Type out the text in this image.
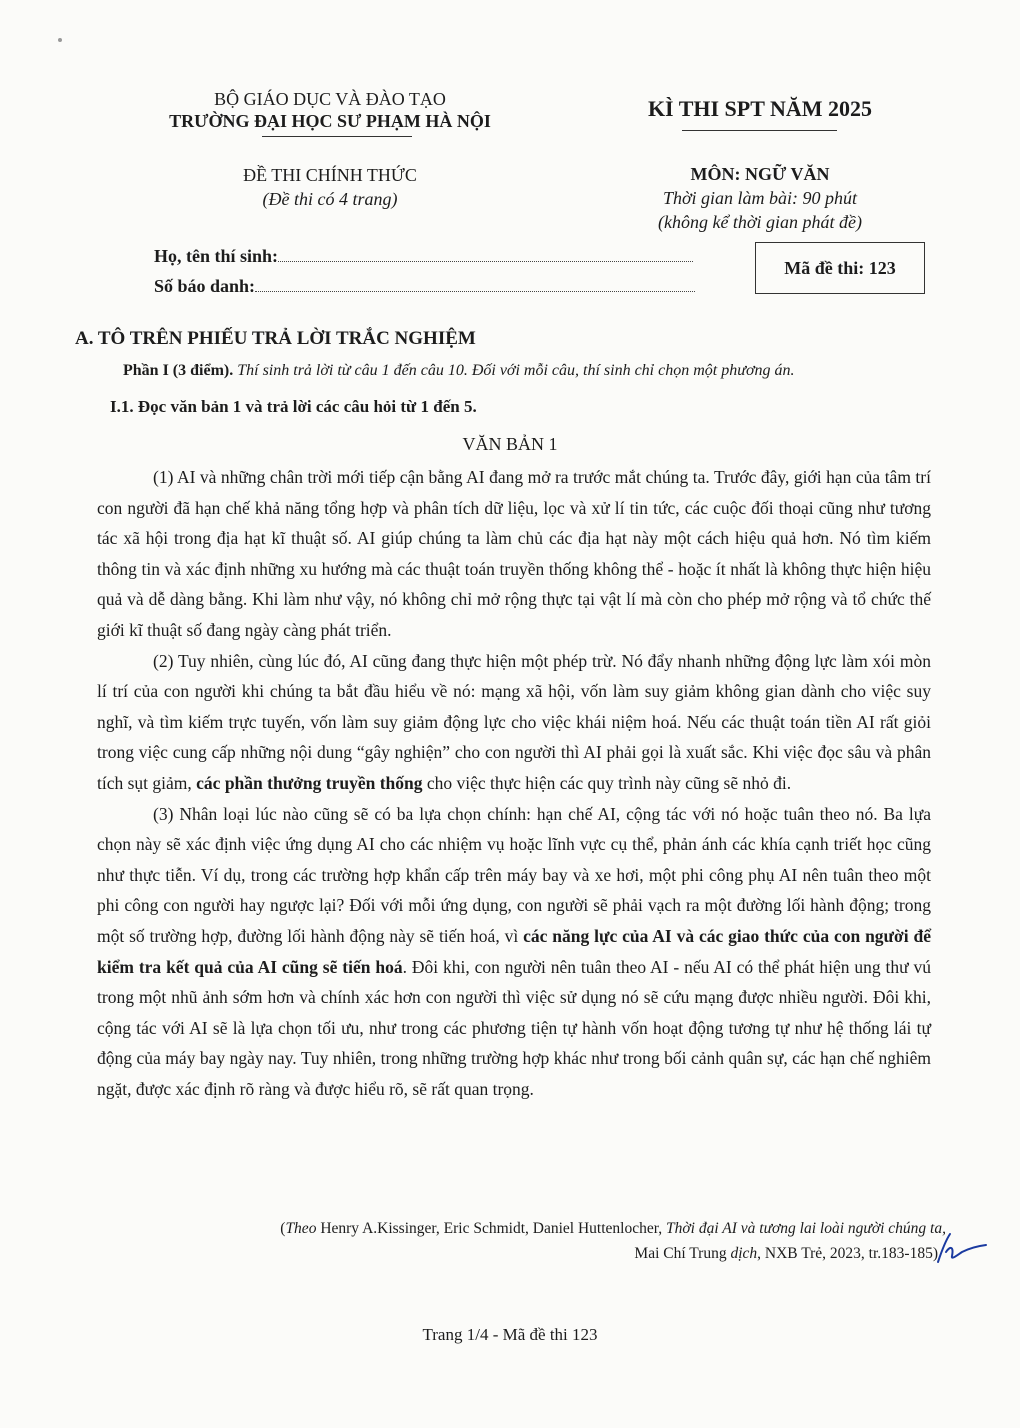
BỘ GIÁO DỤC VÀ ĐÀO TẠO
TRƯỜNG ĐẠI HỌC SƯ PHẠM HÀ NỘI	KÌ THI SPT NĂM 2025
ĐỀ THI CHÍNH THỨC
(Đề thi có 4 trang)
MÔN: NGỮ VĂN
Thời gian làm bài: 90 phút
(không kể thời gian phát đề)
Họ, tên thí sinh:
Số báo danh:
Mã đề thi: 123
A. TÔ TRÊN PHIẾU TRẢ LỜI TRẮC NGHIỆM
Phần I (3 điểm). Thí sinh trả lời từ câu 1 đến câu 10. Đối với mỗi câu, thí sinh chỉ chọn một phương án.
I.1. Đọc văn bản 1 và trả lời các câu hỏi từ 1 đến 5.
VĂN BẢN 1

(1) AI và những chân trời mới tiếp cận bằng AI đang mở ra trước mắt chúng ta. Trước đây, giới hạn của tâm trí con người đã hạn chế khả năng tổng hợp và phân tích dữ liệu, lọc và xử lí tin tức, các cuộc đối thoại cũng như tương tác xã hội trong địa hạt kĩ thuật số. AI giúp chúng ta làm chủ các địa hạt này một cách hiệu quả hơn. Nó tìm kiếm thông tin và xác định những xu hướng mà các thuật toán truyền thống không thể - hoặc ít nhất là không thực hiện hiệu quả và dễ dàng bằng. Khi làm như vậy, nó không chỉ mở rộng thực tại vật lí mà còn cho phép mở rộng và tổ chức thế giới kĩ thuật số đang ngày càng phát triển.

(2) Tuy nhiên, cùng lúc đó, AI cũng đang thực hiện một phép trừ. Nó đẩy nhanh những động lực làm xói mòn lí trí của con người khi chúng ta bắt đầu hiểu về nó: mạng xã hội, vốn làm suy giảm không gian dành cho việc suy nghĩ, và tìm kiếm trực tuyến, vốn làm suy giảm động lực cho việc khái niệm hoá. Nếu các thuật toán tiền AI rất giỏi trong việc cung cấp những nội dung “gây nghiện” cho con người thì AI phải gọi là xuất sắc. Khi việc đọc sâu và phân tích sụt giảm, các phần thưởng truyền thống cho việc thực hiện các quy trình này cũng sẽ nhỏ đi.

(3) Nhân loại lúc nào cũng sẽ có ba lựa chọn chính: hạn chế AI, cộng tác với nó hoặc tuân theo nó. Ba lựa chọn này sẽ xác định việc ứng dụng AI cho các nhiệm vụ hoặc lĩnh vực cụ thể, phản ánh các khía cạnh triết học cũng như thực tiễn. Ví dụ, trong các trường hợp khẩn cấp trên máy bay và xe hơi, một phi công phụ AI nên tuân theo một phi công con người hay ngược lại? Đối với mỗi ứng dụng, con người sẽ phải vạch ra một đường lối hành động; trong một số trường hợp, đường lối hành động này sẽ tiến hoá, vì các năng lực của AI và các giao thức của con người để kiểm tra kết quả của AI cũng sẽ tiến hoá. Đôi khi, con người nên tuân theo AI - nếu AI có thể phát hiện ung thư vú trong một nhũ ảnh sớm hơn và chính xác hơn con người thì việc sử dụng nó sẽ cứu mạng được nhiều người. Đôi khi, cộng tác với AI sẽ là lựa chọn tối ưu, như trong các phương tiện tự hành vốn hoạt động tương tự như hệ thống lái tự động của máy bay ngày nay. Tuy nhiên, trong những trường hợp khác như trong bối cảnh quân sự, các hạn chế nghiêm ngặt, được xác định rõ ràng và được hiểu rõ, sẽ rất quan trọng.

(Theo Henry A.Kissinger, Eric Schmidt, Daniel Huttenlocher, Thời đại AI và tương lai loài người chúng ta,
Mai Chí Trung dịch, NXB Trẻ, 2023, tr.183-185)
Trang 1/4 - Mã đề thi 123
